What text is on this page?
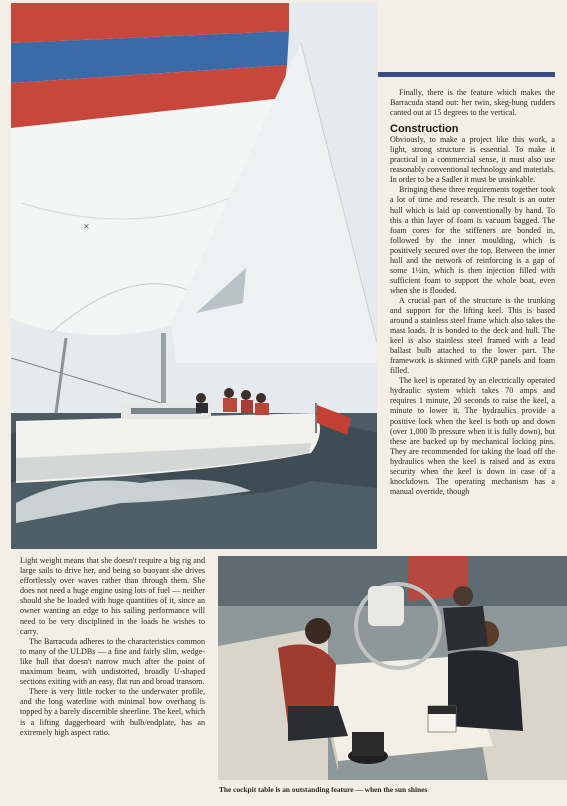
⨯

Finally, there is the feature which makes the Barracuda stand out: her twin, skeg-hung rudders canted out at 15 degrees to the vertical.

Construction

Obviously, to make a project like this work, a light, strong structure is essential. To make it practical in a commercial sense, it must also use reasonably conventional technology and materials. In order to be a Sadler it must be unsinkable.

Bringing these three requirements together took a lot of time and research. The result is an outer hull which is laid up conventionally by hand. To this a thin layer of foam is vacuum bagged. The foam cores for the stiffeners are bonded in, followed by the inner moulding, which is positively secured over the top. Between the inner hull and the network of reinforcing is a gap of some 1½in, which is then injection filled with sufficient foam to support the whole boat, even when she is flooded.

A crucial part of the structure is the trunking and support for the lifting keel. This is based around a stainless steel frame which also takes the mast loads. It is bonded to the deck and hull. The keel is also stainless steel framed with a lead ballast bulb attached to the lower part. The framework is skinned with GRP panels and foam filled.

The keel is operated by an electrically operated hydraulic system which takes 70 amps and requires 1 minute, 20 seconds to raise the keel, a minute to lower it. The hydraulics provide a positive lock when the keel is both up and down (over 1,000 lb pressure when it is fully down), but these are backed up by mechanical locking pins. They are recommended for taking the load off the hydraulics when the keel is raised and as extra security when the keel is down in case of a knockdown. The operating mechanism has a manual override, though

Light weight means that she doesn't require a big rig and large sails to drive her, and being so buoyant she drives effortlessly over waves rather than through them. She does not need a huge engine using lots of fuel — neither should she be loaded with huge quantities of it, since an owner wanting an edge to his sailing performance will need to be very disciplined in the loads he wishes to carry.

The Barracuda adheres to the characteristics common to many of the ULDBs — a fine and fairly slim, wedge-like hull that doesn't narrow much after the point of maximum beam, with undistorted, broadly U-shaped sections exiting with an easy, flat run and broad transom.

There is very little rocker to the underwater profile, and the long waterline with minimal bow overhang is topped by a barely discernible sheerline. The keel, which is a lifting daggerboard with bulb/endplate, has an extremely high aspect ratio.

The cockpit table is an outstanding feature — when the sun shines
